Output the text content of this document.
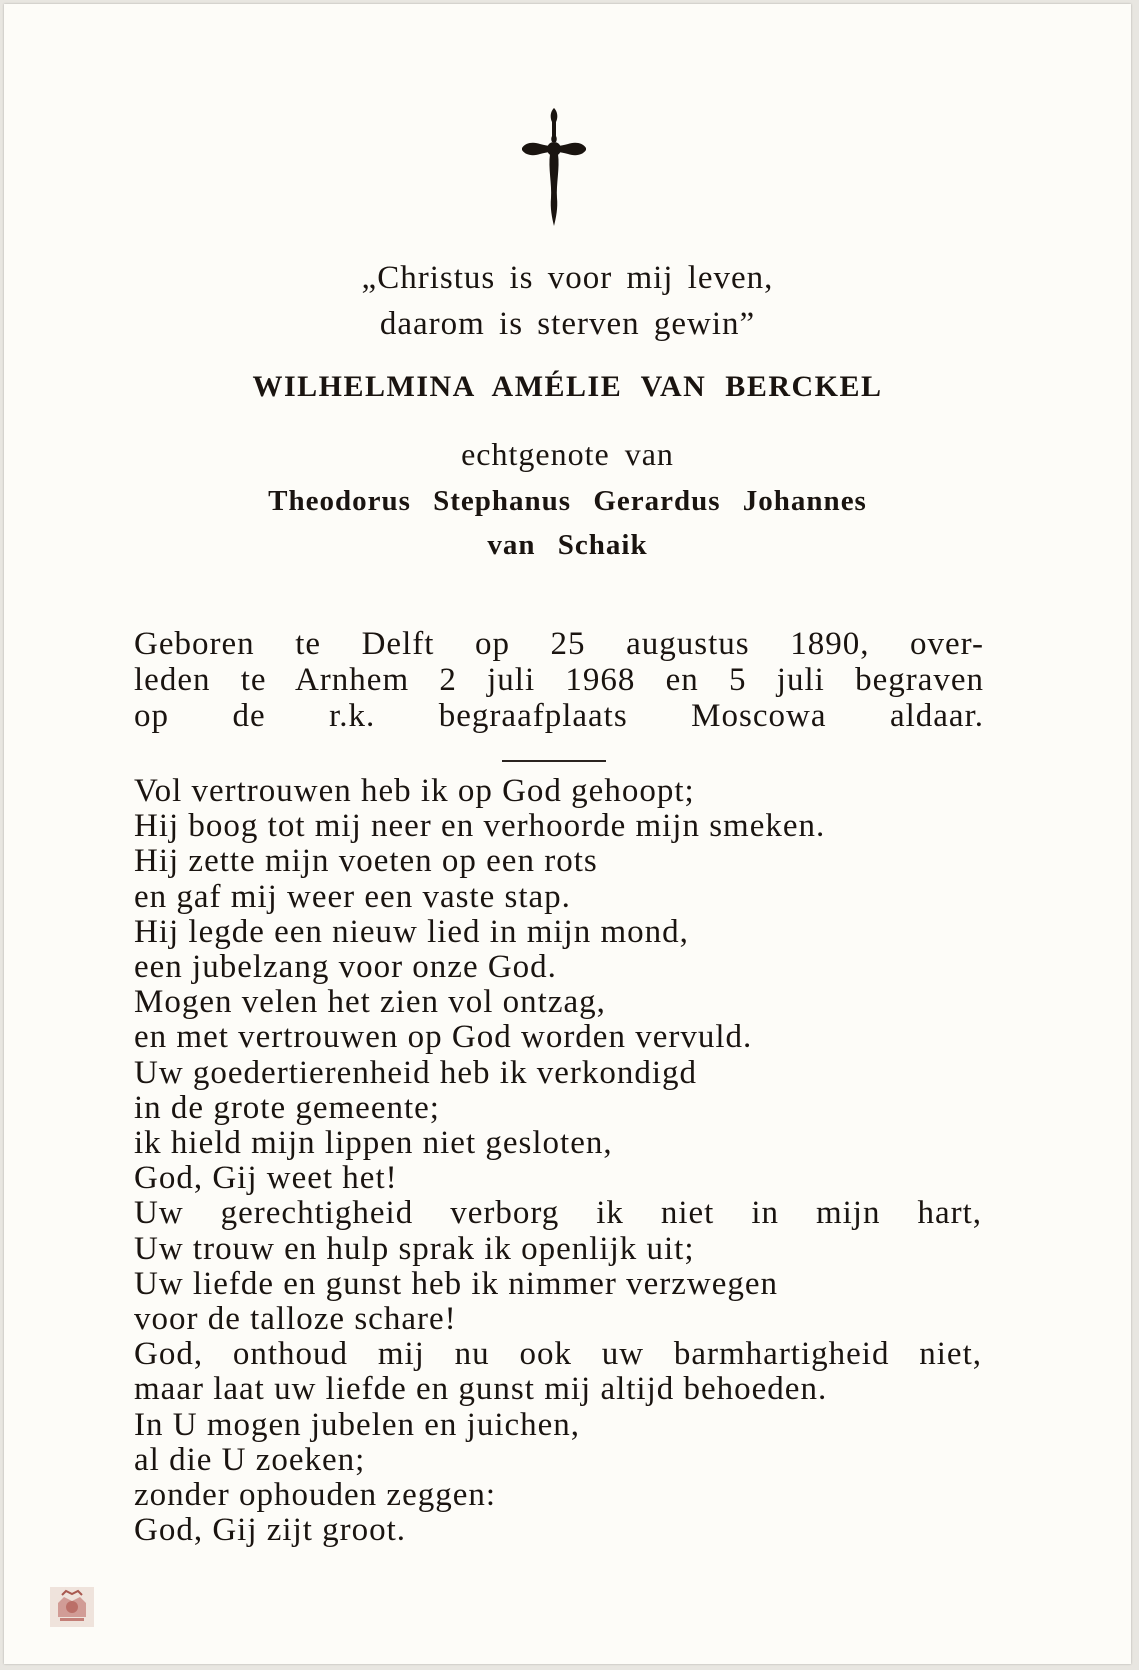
„Christus is voor mij leven,
daarom is sterven gewin”
WILHELMINA AMÉLIE VAN BERCKEL
echtgenote van
Theodorus Stephanus Gerardus Johannes
van Schaik
Geboren te Delft op 25 augustus 1890, over-
leden te Arnhem 2 juli 1968 en 5 juli begraven
op de r.k. begraafplaats Moscowa aldaar.
Vol vertrouwen heb ik op God gehoopt;
Hij boog tot mij neer en verhoorde mijn smeken.
Hij zette mijn voeten op een rots
en gaf mij weer een vaste stap.
Hij legde een nieuw lied in mijn mond,
een jubelzang voor onze God.
Mogen velen het zien vol ontzag,
en met vertrouwen op God worden vervuld.
Uw goedertierenheid heb ik verkondigd
in de grote gemeente;
ik hield mijn lippen niet gesloten,
God, Gij weet het!
Uw gerechtigheid verborg ik niet in mijn hart,
Uw trouw en hulp sprak ik openlijk uit;
Uw liefde en gunst heb ik nimmer verzwegen
voor de talloze schare!
God, onthoud mij nu ook uw barmhartigheid niet,
maar laat uw liefde en gunst mij altijd behoeden.
In U mogen jubelen en juichen,
al die U zoeken;
zonder ophouden zeggen:
God, Gij zijt groot.
